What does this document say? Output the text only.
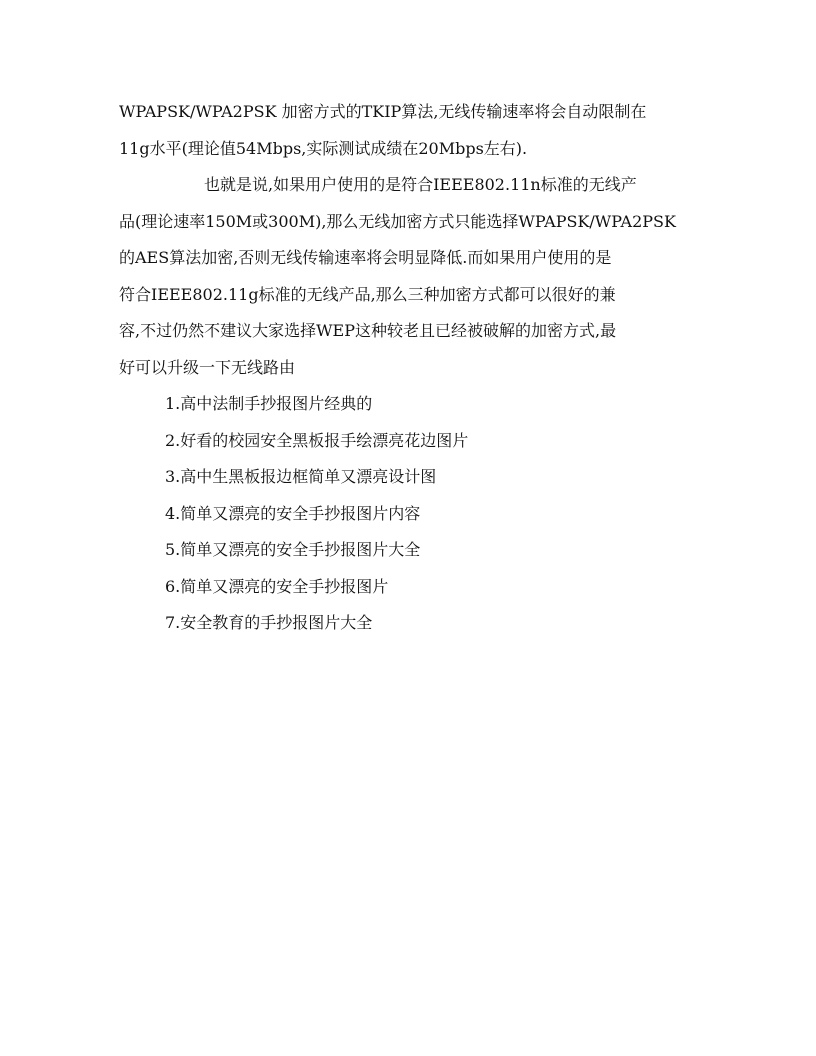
WPAPSK/WPA2PSK 加密方式的TKIP算法,无线传输速率将会自动限制在
11g水平(理论值54Mbps,实际测试成绩在20Mbps左右).
也就是说,如果用户使用的是符合IEEE802.11n标准的无线产
品(理论速率150M或300M),那么无线加密方式只能选择WPAPSK/WPA2PSK
的AES算法加密,否则无线传输速率将会明显降低.而如果用户使用的是
符合IEEE802.11g标准的无线产品,那么三种加密方式都可以很好的兼
容,不过仍然不建议大家选择WEP这种较老且已经被破解的加密方式,最
好可以升级一下无线路由
1.高中法制手抄报图片经典的
2.好看的校园安全黑板报手绘漂亮花边图片
3.高中生黑板报边框简单又漂亮设计图
4.简单又漂亮的安全手抄报图片内容
5.简单又漂亮的安全手抄报图片大全
6.简单又漂亮的安全手抄报图片
7.安全教育的手抄报图片大全
